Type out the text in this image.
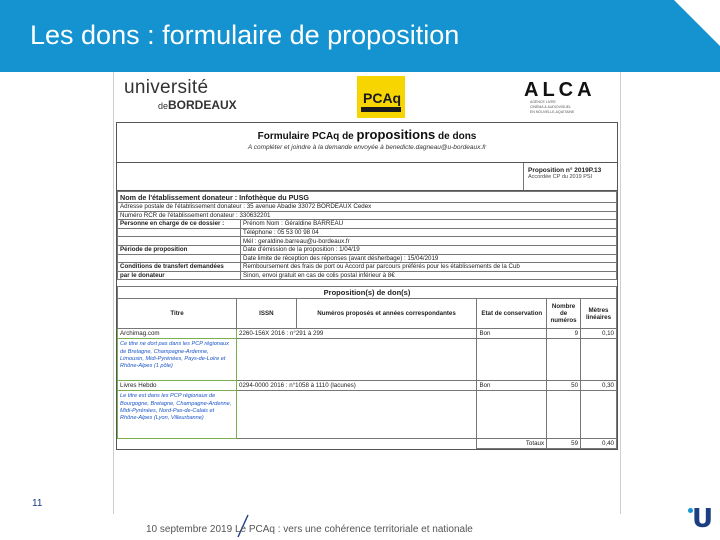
Les dons : formulaire de proposition
université
deBORDEAUX	PCAq	ALCA
AGENCE LIVRE
CINÉMA & AUDIOVISUEL
EN NOUVELLE-AQUITAINE
Formulaire PCAq de propositions de dons
A compléter et joindre à la demande envoyée à benedicte.dagneau@u-bordeaux.fr
Proposition n° 2019P.13
Accordée CP du 2019 PSI
Nom de l'établissement donateur : Infothèque du PUSG	
Adresse postale de l'établissement donateur : 35 avenue Abadie 33072 BORDEAUX Cedex	
Numéro RCR de l'établissement donateur : 330632201	
Personne en charge de ce dossier :	Prénom Nom : Géraldine BARREAU
	Téléphone : 05 53 00 98 04
	Mél : geraldine.barreau@u-bordeaux.fr
Période de proposition	Date d'émission de la proposition : 1/04/19
	Date limite de réception des réponses (avant désherbage) : 15/04/2019
Conditions de transfert demandées	Remboursement des frais de port ou Accord par parcours préférés pour les établissements de la Cub
par le donateur	Sinon, envoi gratuit en cas de colis postal inférieur à 8€
Proposition(s) de don(s)					
Titre	ISSN	Numéros proposés et années correspondantes	Etat de conservation	Nombre de numéros	Mètres linéaires
Archimag.com	2260-156X 2016 : n°291 à 299		Bon	9	0,10
Ce titre ne dort pas dans les PCP régionaux de Bretagne, Champagne-Ardenne, Limousin, Midi-Pyrénées, Pays-de-Loire et Rhône-Alpes (1 pôle)					
Livres Hebdo	0294-0000 2016 : n°1058 à 1110 (lacunes)		Bon	50	0,30
Le titre est dans les PCP régionaux de Bourgogne, Bretagne, Champagne-Ardenne, Midi-Pyrénées, Nord-Pas-de-Calais et Rhône-Alpes (Lyon, Villeurbanne)					
			Totaux	59	0,40
11
10 septembre 2019 Le PCAq : vers une cohérence territoriale et nationale	U
